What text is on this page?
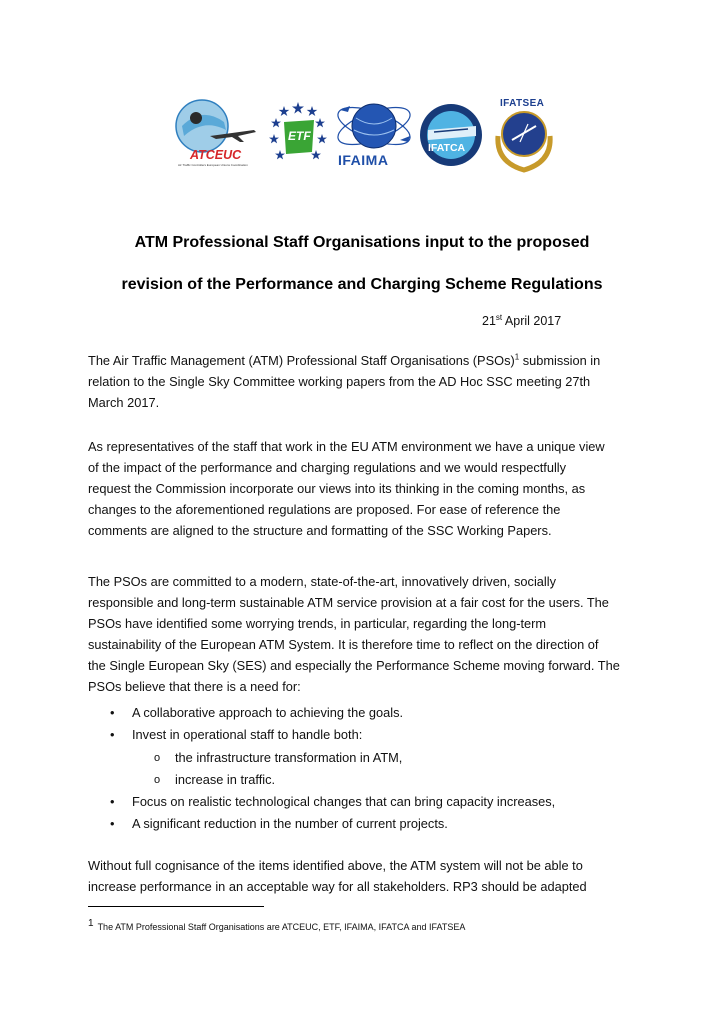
ATCEUC
Air Traffic Controllers European Unions Coordination
ETF
IFAIMA
IFATCA
IFATSEA
ATM Professional Staff Organisations input to the proposed
revision of the Performance and Charging Scheme Regulations
21st April 2017
The Air Traffic Management (ATM) Professional Staff Organisations (PSOs)$^1$ submission in
relation to the Single Sky Committee working papers from the AD Hoc SSC meeting 27th
March 2017.
As representatives of the staff that work in the EU ATM environment we have a unique view
of the impact of the performance and charging regulations and we would respectfully
request the Commission incorporate our views into its thinking in the coming months, as
changes to the aforementioned regulations are proposed. For ease of reference the
comments are aligned to the structure and formatting of the SSC Working Papers.
The PSOs are committed to a modern, state-of-the-art, innovatively driven, socially
responsible and long-term sustainable ATM service provision at a fair cost for the users. The
PSOs have identified some worrying trends, in particular, regarding the long-term
sustainability of the European ATM System. It is therefore time to reflect on the direction of
the Single European Sky (SES) and especially the Performance Scheme moving forward. The
PSOs believe that there is a need for:
• A collaborative approach to achieving the goals.
• Invest in operational staff to handle both:
o the infrastructure transformation in ATM,
o increase in traffic.
• Focus on realistic technological changes that can bring capacity increases,
• A significant reduction in the number of current projects.
Without full cognisance of the items identified above, the ATM system will not be able to
increase performance in an acceptable way for all stakeholders. RP3 should be adapted
$^1$ The ATM Professional Staff Organisations are ATCEUC, ETF, IFAIMA, IFATCA and IFATSEA
